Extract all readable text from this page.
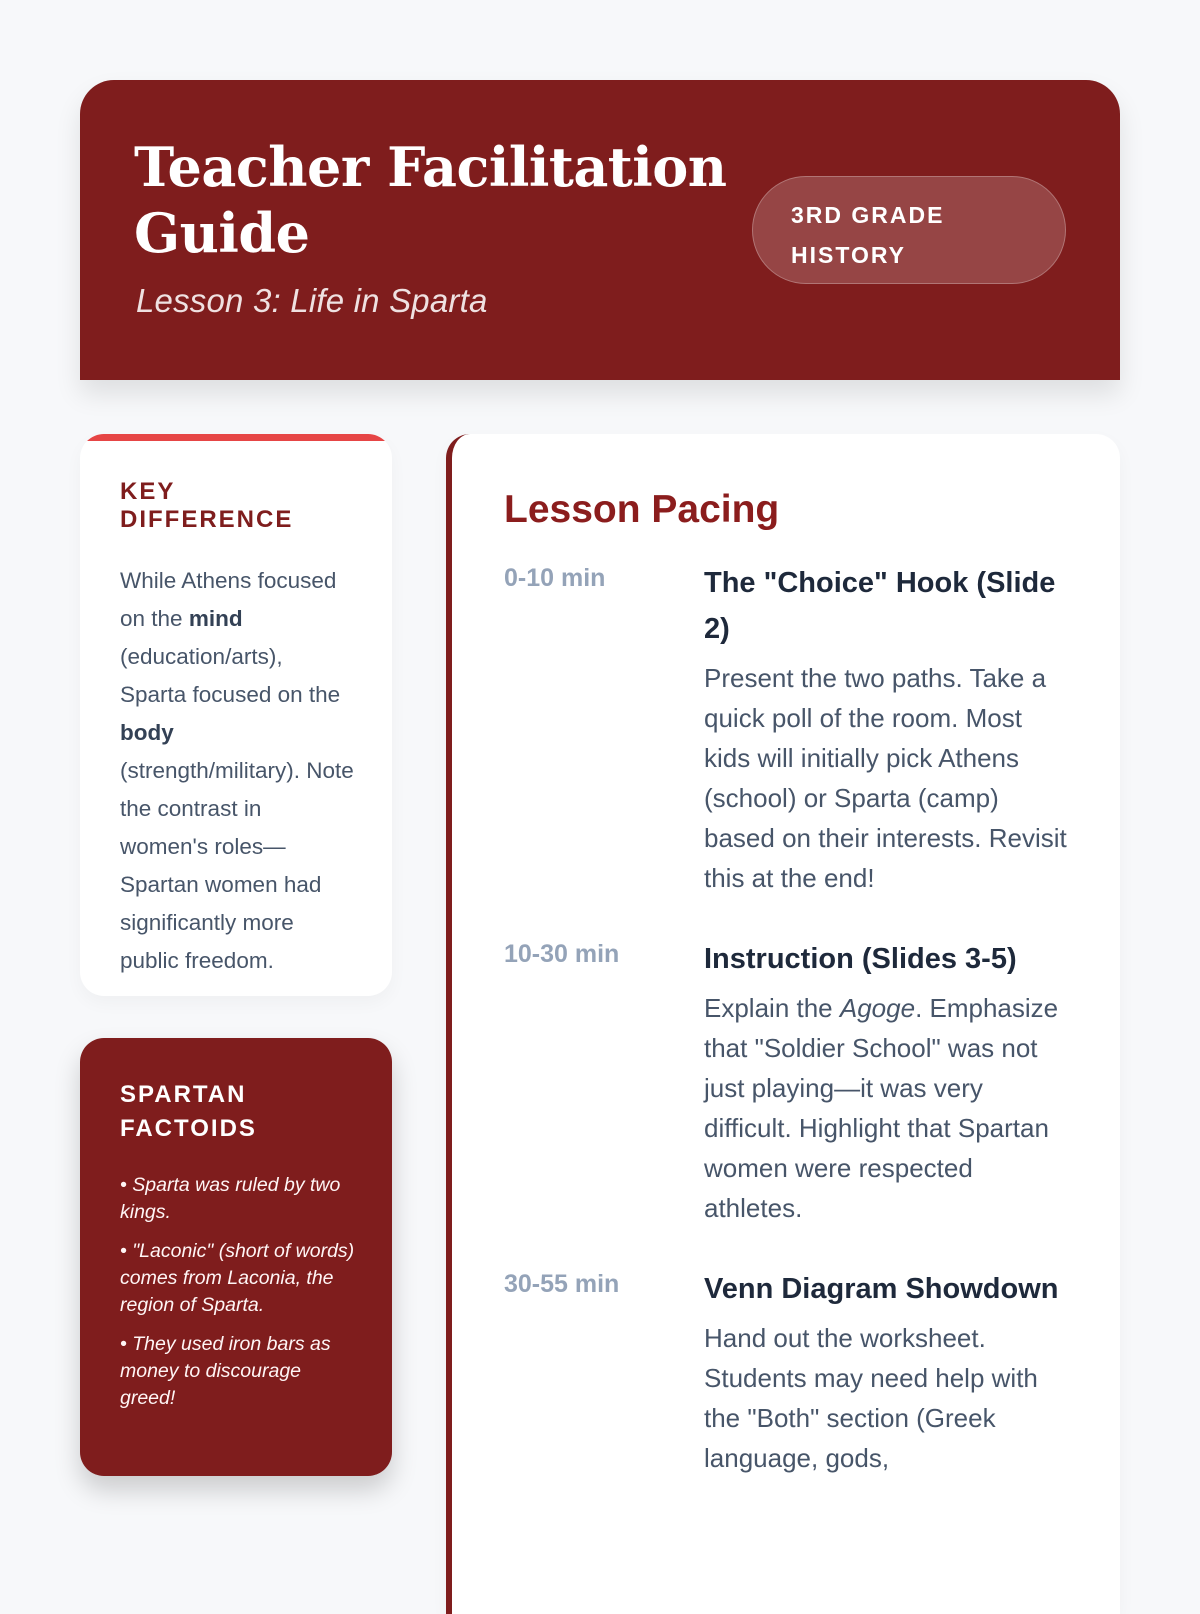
Teacher Facilitation Guide

Lesson 3: Life in Sparta

3RD GRADE HISTORY
KEY DIFFERENCE

While Athens focused on the mind (education/arts), Sparta focused on the body (strength/military). Note the contrast in women's roles—Spartan women had significantly more public freedom.

SPARTAN FACTOIDS

• Sparta was ruled by two kings.

• "Laconic" (short of words) comes from Laconia, the region of Sparta.

• They used iron bars as money to discourage greed!

Lesson Pacing
0-10 min	The "Choice" Hook (Slide 2)

Present the two paths. Take a quick poll of the room. Most kids will initially pick Athens (school) or Sparta (camp) based on their interests. Revisit this at the end!

10-30 min	Instruction (Slides 3-5)

Explain the Agoge. Emphasize that "Soldier School" was not just playing—it was very difficult. Highlight that Spartan women were respected athletes.

30-55 min	Venn Diagram Showdown

Hand out the worksheet. Students may need help with the "Both" section (Greek language, gods,
